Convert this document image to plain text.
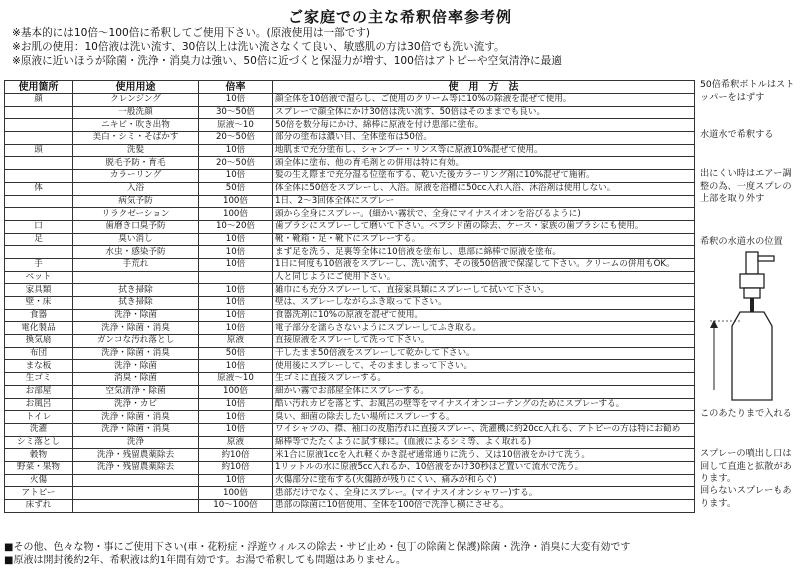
ご家庭での主な希釈倍率参考例
※基本的には10倍～100倍に希釈してご使用下さい。(原液使用は一部です)
※お肌の使用：10倍液は洗い流す、30倍以上は洗い流さなくて良い、敏感肌の方は30倍でも洗い流す。
※原液に近いほうが除菌・洗浄・消臭力は強い、50倍に近づくと保湿力が増す、100倍はアトピーや空気清浄に最適
使用箇所	使用用途	倍率	使　用　方　法
顔	クレンジング	10倍	顔全体を10倍液で湿らし、ご使用のクリーム等に10%の除液を混ぜて使用。
	一般洗顔	30～50倍	スプレーで顔全体にかけ30倍は洗い流す、50倍はそのままでも良い。
	ニキビ・吹き出物	原液～10	50倍を数分毎にかけ、綿棒に原液を付け患部に塗布。
	美白・シミ・そばかす	20～50倍	部分の塗布は濃い目、全体塗布は50倍。
頭	洗髪	10倍	地肌まで充分塗布し、シャンプー・リンス等に原液10%混ぜて使用。
	脱毛予防・育毛	20～50倍	頭全体に塗布、他の育毛剤との併用は特に有効。
	カラーリング	10倍	髪の生え際まで充分湿る位塗布する、乾いた後カラーリング剤に10%混ぜて施術。
体	入浴	50倍	体全体に50倍をスプレーし、入浴。原液を浴槽に50cc入れ入浴、沐浴剤は使用しない。
	病気予防	100倍	1日、2～3回体全体にスプレー
	リラクゼーション	100倍	頭から全身にスプレー。(細かい霧状で、全身にマイナスイオンを浴びるように)
口	歯磨き口臭予防	10～20倍	歯ブラシにスプレーして磨いて下さい。ペプシド菌の除去、ケース・家族の歯ブラシにも使用。
足	臭い消し	10倍	靴・靴箱・足・靴下にスプレーする。
	水虫・感染予防	10倍	まず足を洗う、足裏等全体に10倍液を塗布し、患部に綿棒で原液を塗布。
手	手荒れ	10倍	1日に何度も10倍液をスプレーし、洗い流す、その後50倍液で保湿して下さい。クリームの併用もOK。
ペット			人と同じようにご使用下さい。
家具類	拭き掃除	10倍	雑巾にも充分スプレーして、直接家具類にスプレーして拭いて下さい。
壁・床	拭き掃除	10倍	壁は、スプレーしながらふき取って下さい。
食器	洗浄・除菌	10倍	食器洗剤に10%の原液を混ぜて使用。
電化製品	洗浄・除菌・消臭	10倍	電子部分を濡らさないようにスプレーしてふき取る。
換気扇	ガンコな汚れ落とし	原液	直接原液をスプレーして洗って下さい。
布団	洗浄・除菌・消臭	50倍	干したまま50倍液をスプレーして乾かして下さい。
まな板	洗浄・除菌	10倍	使用後にスプレーして、そのまましまって下さい。
生ゴミ	消臭・除菌	原液～10	生ゴミに直接スプレーする。
お部屋	空気清浄・除菌	100倍	細かい霧でお部屋全体にスプレーする。
お風呂	洗浄・カビ	10倍	酷い汚れカビを落とす、お風呂の壁等をマイナスイオンコーテングのためにスプレーする。
トイレ	洗浄・除菌・消臭	10倍	臭い、細菌の除去したい場所にスプレーする。
洗濯	洗浄・除菌・消臭	10倍	ワイシャツの、襟、袖口の皮脂汚れに直接スプレー、洗濯機に約20cc入れる、アトピーの方は特にお勧め
シミ落とし	洗浄	原液	綿棒等でたたくように試す様に。(血液によるシミ等、よく取れる)
穀物	洗浄・残留農薬除去	約10倍	米1合に原液1ccを入れ軽くかき混ぜ通常通りに洗う、又は10倍液をかけて洗う。
野菜・果物	洗浄・残留農薬除去	約10倍	1リットルの水に原液5cc入れるか、10倍液をかけ30秒ほど置いて流水で洗う。
火傷		10倍	火傷部分に塗布する(火傷跡が残りにくい、痛みが和らぐ)
アトピー		100倍	患部だけでなく、全身にスプレー。(マイナスイオンシャワー)する。
床ずれ		10～100倍	患部の除菌に10倍使用、全体を100倍で洗浄し横にさせる。
50倍希釈ボトルはストッパーをはずす
水道水で希釈する
出にくい時はエアー調整の為、一度スプレの上部を取り外す
希釈の水道水の位置
このあたりまで入れる
スプレーの噴出し口は回して直進と拡散があります。
回らないスプレーもあります。
■その他、色々な物・事にご使用下さい(車・花粉症・浮遊ウィルスの除去・サビ止め・包丁の除菌と保護)除菌・洗浄・消臭に大変有効です
■原液は開封後約2年、希釈液は約1年間有効です。お湯で希釈しても問題はありません。
